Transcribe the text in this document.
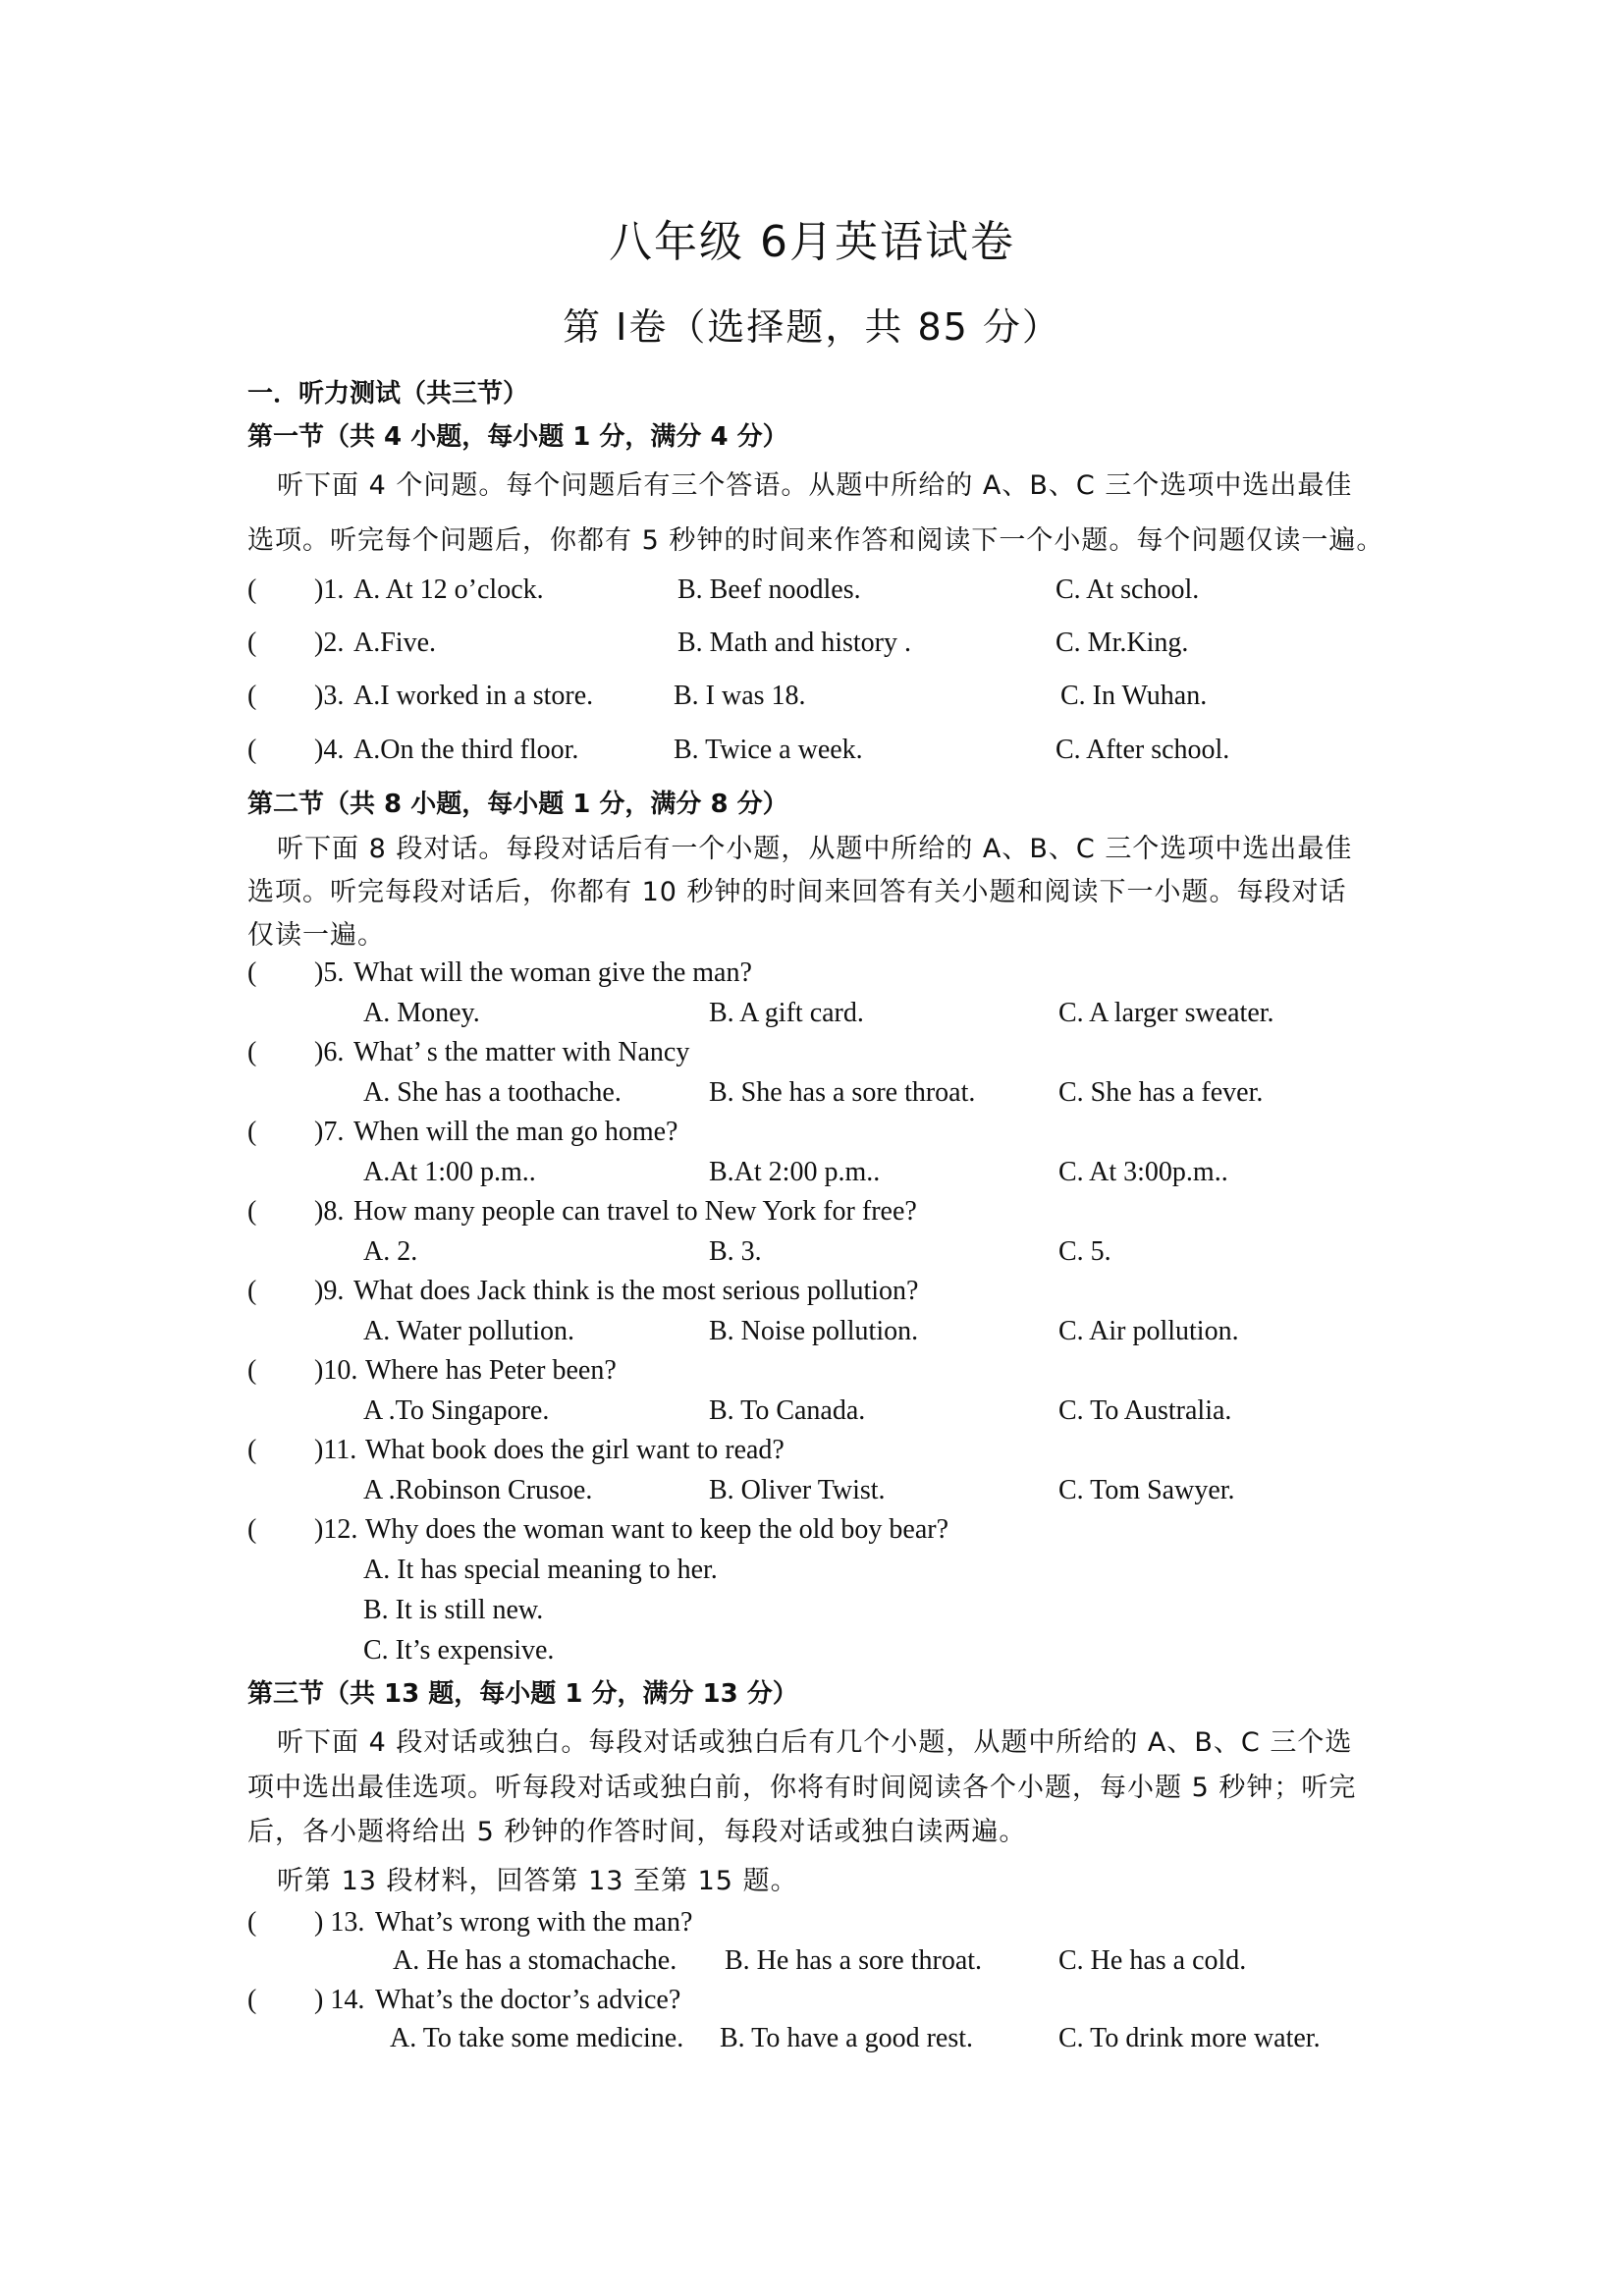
一．听力测试（共三节）
第一节（共 4 小题，每小题 1 分，满分 4 分）
听下面 4 个问题。每个问题后有三个答语。从题中所给的 A、B、C 三个选项中选出最佳
选项。听完每个问题后，你都有 5 秒钟的时间来作答和阅读下一个小题。每个问题仅读一遍。
( )1. A. At 12 o’clock.	B. Beef noodles.	C. At school.
( )2. A.Five.	B. Math and history .	C. Mr.King.
( )3. A.I worked in a store.	B. I was 18.	C. In Wuhan.
( )4. A.On the third floor.	B. Twice a week.	C. After school.
第二节（共 8 小题，每小题 1 分，满分 8 分）
听下面 8 段对话。每段对话后有一个小题，从题中所给的 A、B、C 三个选项中选出最佳
选项。听完每段对话后，你都有 10 秒钟的时间来回答有关小题和阅读下一小题。每段对话
仅读一遍。
( )5. What will the woman give the man?
A. Money.	B. A gift card.	C. A larger sweater.
( )6. What’ s the matter with Nancy
A. She has a toothache.	B. She has a sore throat.	C. She has a fever.
( )7. When will the man go home?
A.At 1:00 p.m..	B.At 2:00 p.m..	C. At 3:00p.m..
( )8. How many people can travel to New York for free?
A. 2.	B. 3.	C. 5.
( )9. What does Jack think is the most serious pollution?
A. Water pollution.	B. Noise pollution.	C. Air pollution.
( )10. Where has Peter been?
A .To Singapore.	B. To Canada.	C. To Australia.
( )11. What book does the girl want to read?
A .Robinson Crusoe.	B. Oliver Twist.	C. Tom Sawyer.
( )12. Why does the woman want to keep the old boy bear?
A. It has special meaning to her.
B. It is still new.
C. It’s expensive.
第三节（共 13 题，每小题 1 分，满分 13 分）
听下面 4 段对话或独白。每段对话或独白后有几个小题，从题中所给的 A、B、C 三个选
项中选出最佳选项。听每段对话或独白前，你将有时间阅读各个小题，每小题 5 秒钟；听完
后，各小题将给出 5 秒钟的作答时间，每段对话或独白读两遍。
听第 13 段材料，回答第 13 至第 15 题。
( ) 13. What’s wrong with the man?
A. He has a stomachache. B. He has a sore throat.	C. He has a cold.
( ) 14. What’s the doctor’s advice?
A. To take some medicine. B. To have a good rest.	C. To drink more water.
八年级 6月英语试卷
第 Ⅰ卷（选择题，共 85 分）
